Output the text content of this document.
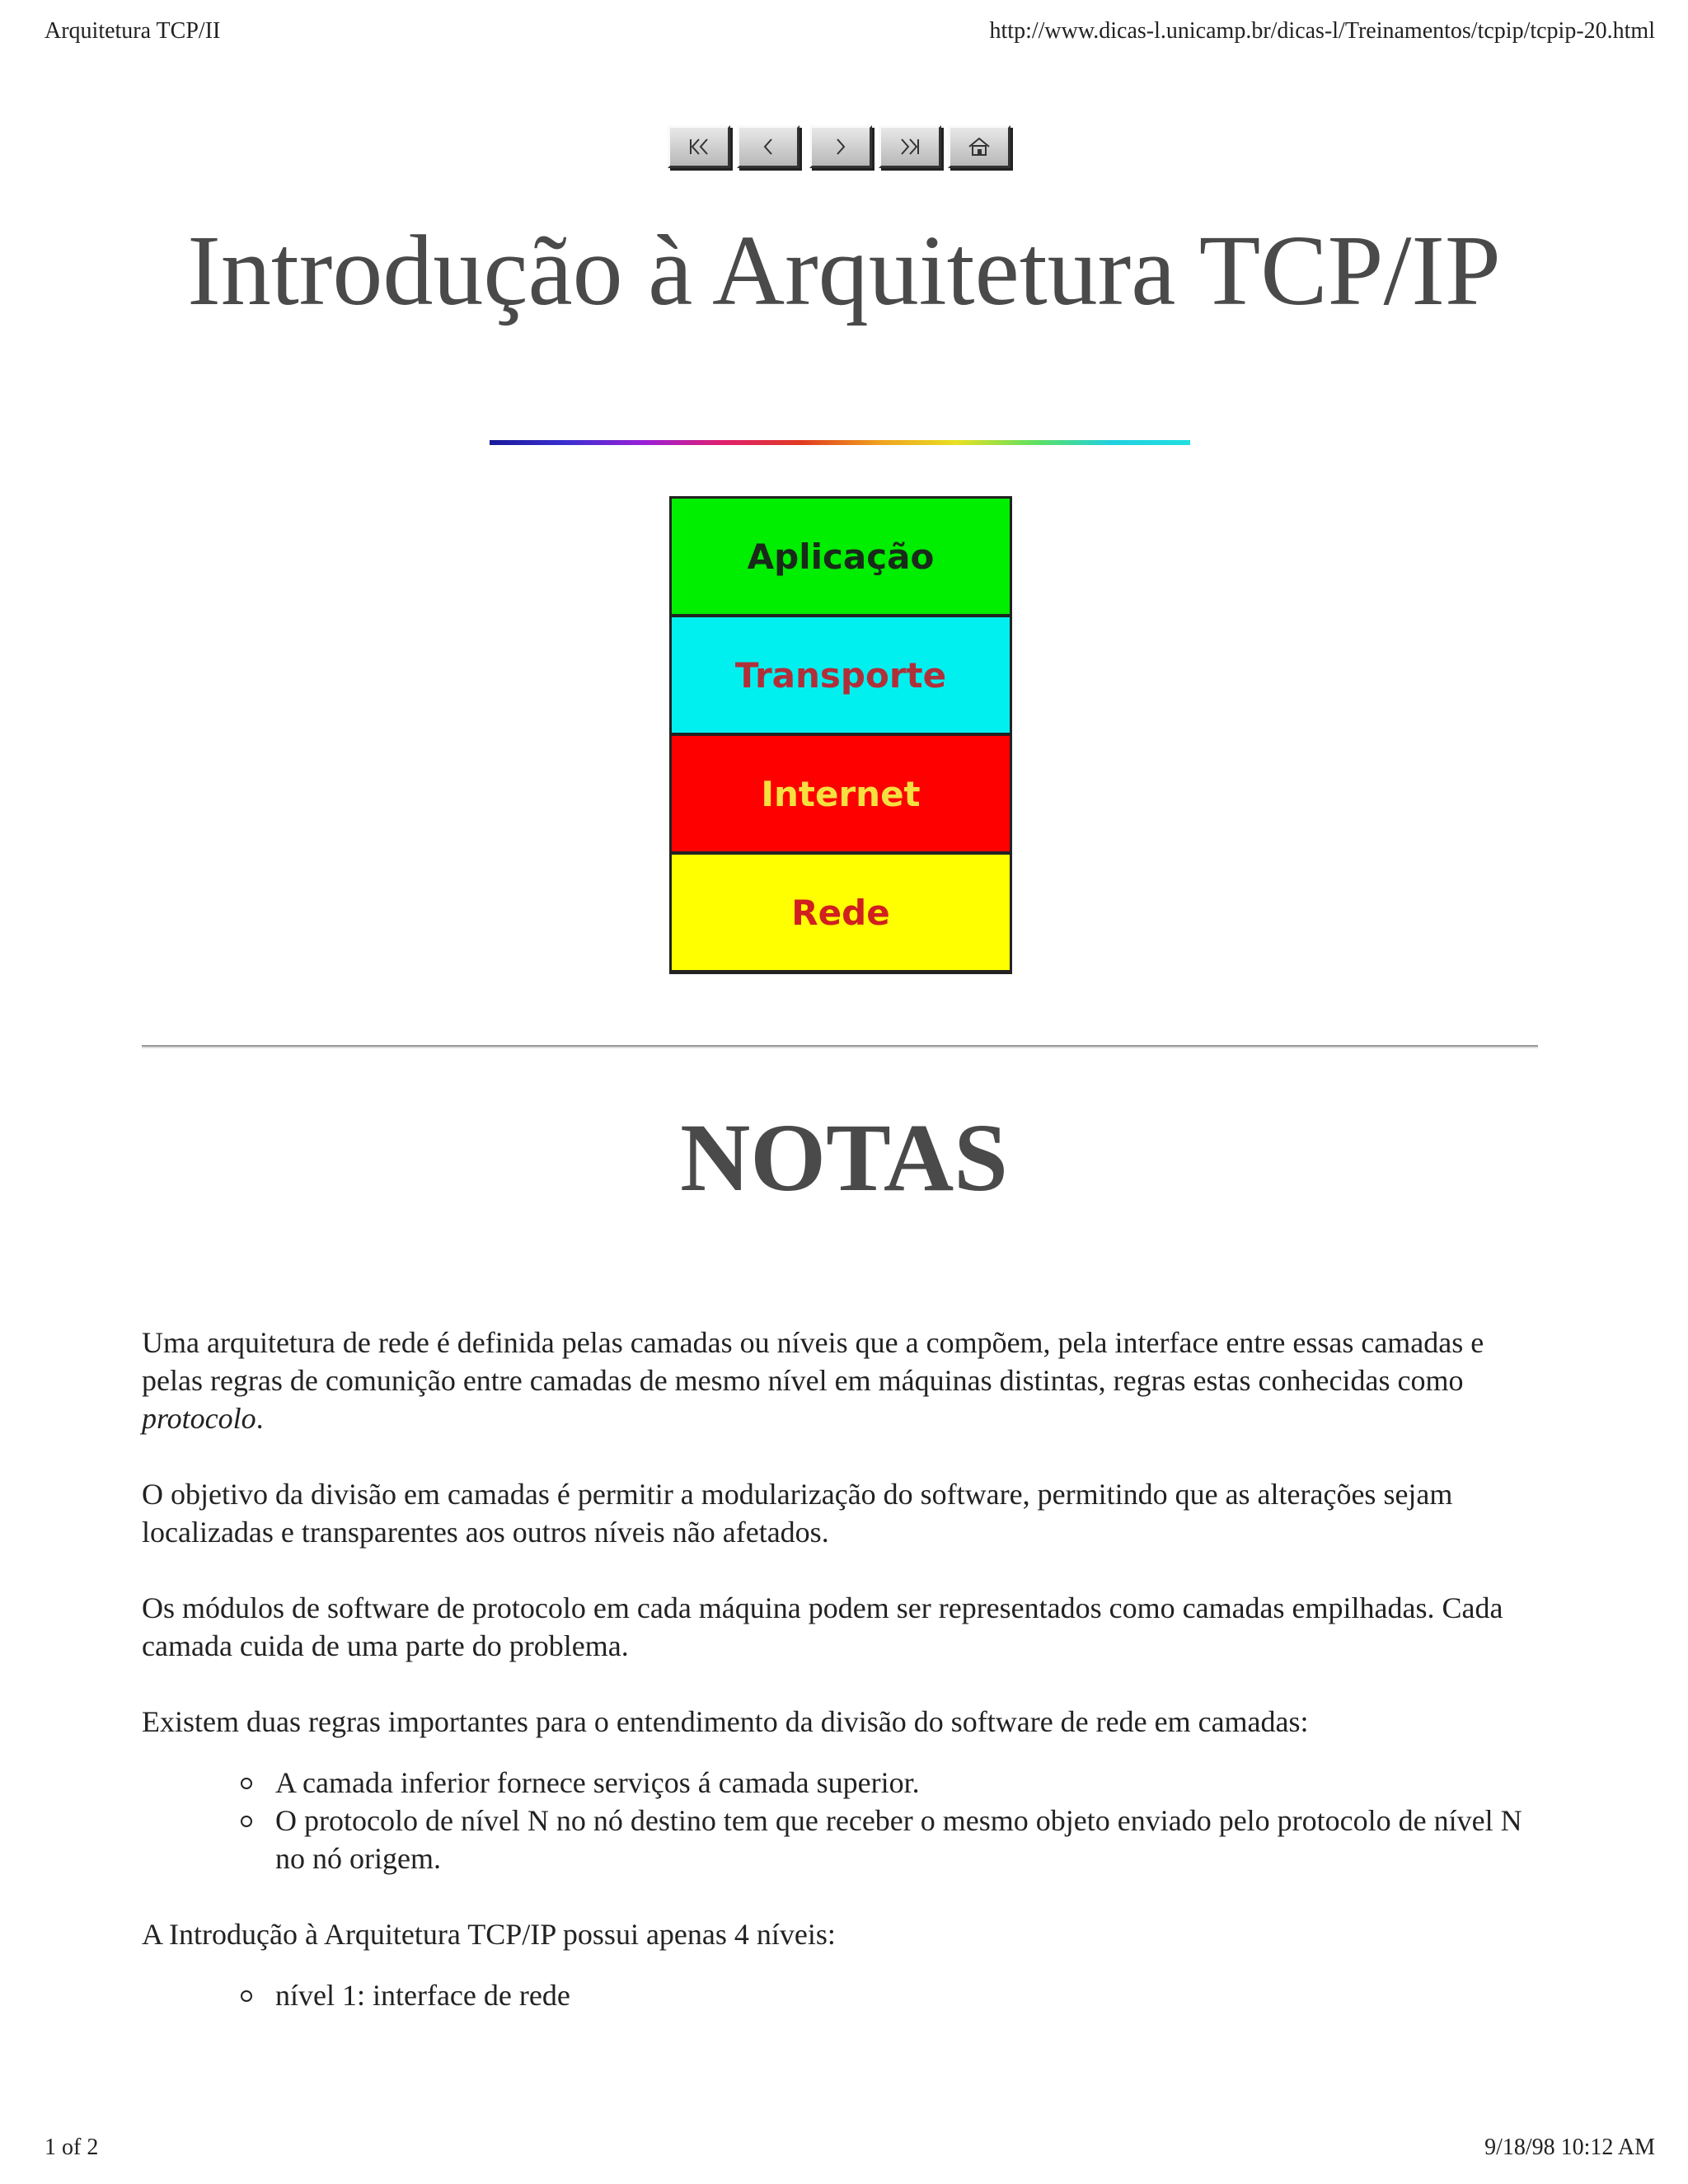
Arquitetura TCP/II	http://www.dicas-l.unicamp.br/dicas-l/Treinamentos/tcpip/tcpip-20.html
Introdução à Arquitetura TCP/IP
Aplicação
Transporte
Internet
Rede
NOTAS

Uma arquitetura de rede é definida pelas camadas ou níveis que a compõem, pela interface entre essas camadas e pelas regras de comunição entre camadas de mesmo nível em máquinas distintas, regras estas conhecidas como protocolo.

O objetivo da divisão em camadas é permitir a modularização do software, permitindo que as alterações sejam localizadas e transparentes aos outros níveis não afetados.

Os módulos de software de protocolo em cada máquina podem ser representados como camadas empilhadas. Cada camada cuida de uma parte do problema.

Existem duas regras importantes para o entendimento da divisão do software de rede em camadas:

A camada inferior fornece serviços á camada superior.
O protocolo de nível N no nó destino tem que receber o mesmo objeto enviado pelo protocolo de nível N no nó origem.

A Introdução à Arquitetura TCP/IP possui apenas 4 níveis:

nível 1: interface de rede
1 of 2	9/18/98 10:12 AM
